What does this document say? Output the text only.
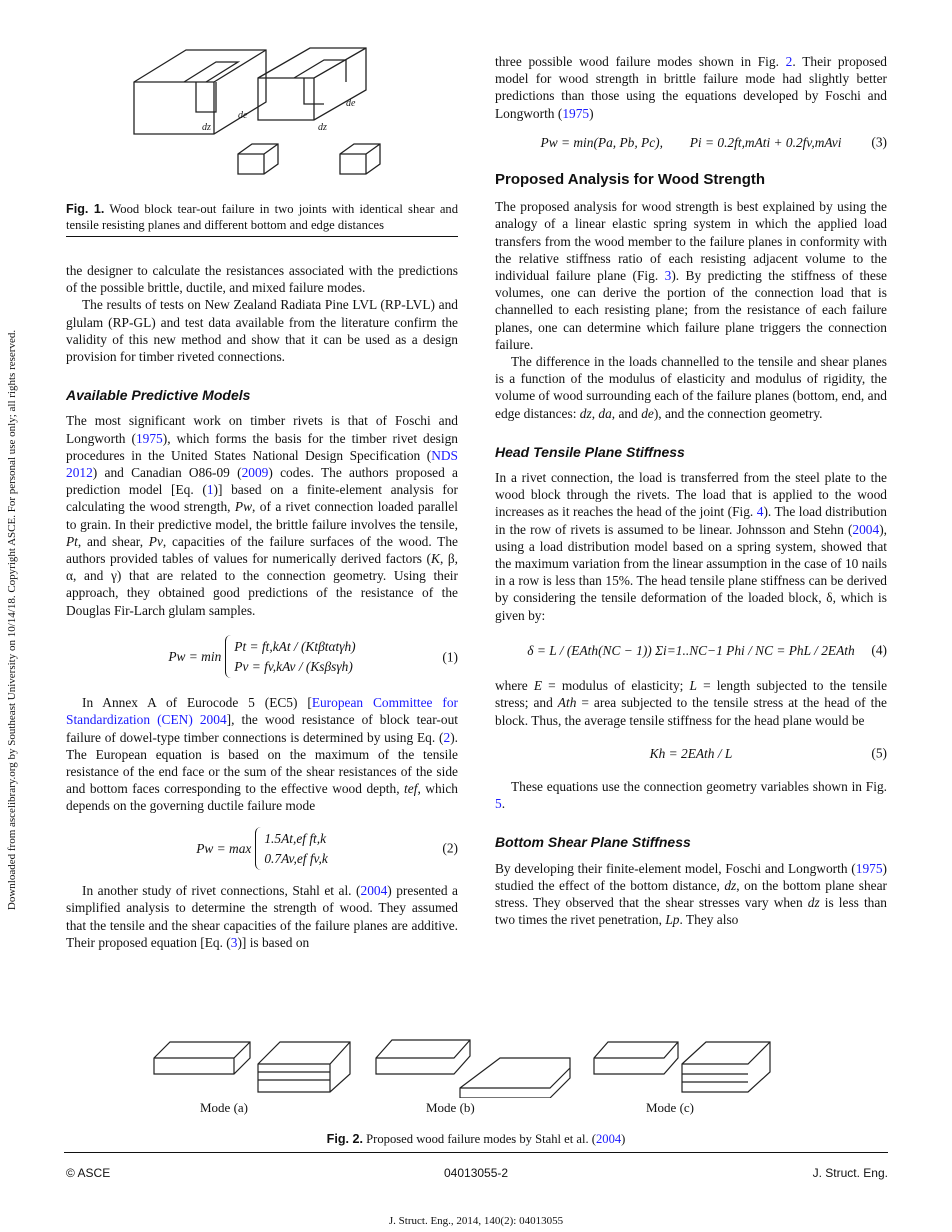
Downloaded from ascelibrary.org by Southeast University on 10/14/18. Copyright ASCE. For personal use only; all rights reserved.
dz
de
de
dz
Fig. 1. Wood block tear-out failure in two joints with identical shear and tensile resisting planes and different bottom and edge distances

the designer to calculate the resistances associated with the predictions of the possible brittle, ductile, and mixed failure modes.

The results of tests on New Zealand Radiata Pine LVL (RP-LVL) and glulam (RP-GL) and test data available from the literature confirm the validity of this new method and show that it can be used as a design provision for timber riveted connections.

Available Predictive Models

The most significant work on timber rivets is that of Foschi and Longworth (1975), which forms the basis for the timber rivet design procedures in the United States National Design Specification (NDS 2012) and Canadian O86-09 (2009) codes. The authors proposed a prediction model [Eq. (1)] based on a finite-element analysis for calculating the wood strength, Pw, of a rivet connection loaded parallel to grain. In their predictive model, the brittle failure involves the tensile, Pt, and shear, Pv, capacities of the failure surfaces of the wood. The authors provided tables of values for numerically derived factors (K, β, α, and γ) that are related to the connection geometry. Using their approach, they obtained good predictions of the resistance of the Douglas Fir-Larch glulam samples.

Pw = min
Pt = ft,kAt / (Ktβtαtγh)
Pv = fv,kAv / (Ksβsγh)
(1)

In Annex A of Eurocode 5 (EC5) [European Committee for Standardization (CEN) 2004], the wood resistance of block tear-out failure of dowel-type timber connections is determined by using Eq. (2). The European equation is based on the maximum of the tensile resistance of the end face or the sum of the shear resistances of the side and bottom faces corresponding to the effective wood depth, tef, which depends on the governing ductile failure mode

Pw = max
1.5At,ef ft,k
0.7Av,ef fv,k
(2)

In another study of rivet connections, Stahl et al. (2004) presented a simplified analysis to determine the strength of wood. They assumed that the tensile and the shear capacities of the failure planes are additive. Their proposed equation [Eq. (3)] is based on

three possible wood failure modes shown in Fig. 2. Their proposed model for wood strength in brittle failure mode had slightly better predictions than those using the equations developed by Foschi and Longworth (1975)

Pw = min(Pa, Pb, Pc),        Pi = 0.2ft,mAti + 0.2fv,mAvi (3)
Proposed Analysis for Wood Strength

The proposed analysis for wood strength is best explained by using the analogy of a linear elastic spring system in which the applied load transfers from the wood member to the failure planes in conformity with the relative stiffness ratio of each resisting adjacent volume to the individual failure plane (Fig. 3). By predicting the stiffness of these volumes, one can derive the portion of the connection load that is channelled to each resisting plane; from the resistance of each failure planes, one can determine which failure plane triggers the connection failure.

The difference in the loads channelled to the tensile and shear planes is a function of the modulus of elasticity and modulus of rigidity, the volume of wood surrounding each of the failure planes (bottom, end, and edge distances: dz, da, and de), and the connection geometry.

Head Tensile Plane Stiffness

In a rivet connection, the load is transferred from the steel plate to the wood block through the rivets. The load that is applied to the wood increases as it reaches the head of the joint (Fig. 4). The load distribution in the row of rivets is assumed to be linear. Johnsson and Stehn (2004), using a load distribution model based on a spring system, showed that the maximum variation from the linear assumption in the case of 10 nails in a row is less than 15%. The head tensile plane stiffness can be derived by considering the tensile deformation of the loaded block, δ, which is given by:

δ = L / (EAth(NC − 1)) Σi=1..NC−1 Phi / NC = PhL / 2EAth (4)

where E = modulus of elasticity; L = length subjected to the tensile stress; and Ath = area subjected to the tensile stress at the head of the block. Thus, the average tensile stiffness for the head plane would be

Kh = 2EAth / L	(5)

These equations use the connection geometry variables shown in Fig. 5.

Bottom Shear Plane Stiffness

By developing their finite-element model, Foschi and Longworth (1975) studied the effect of the bottom distance, dz, on the bottom plane shear stress. They observed that the shear stresses vary when dz is less than two times the rivet penetration, Lp. They also

Mode (a)	Mode (b)	Mode (c)
Fig. 2. Proposed wood failure modes by Stahl et al. (2004)
© ASCE	04013055-2	J. Struct. Eng.
J. Struct. Eng., 2014, 140(2): 04013055
